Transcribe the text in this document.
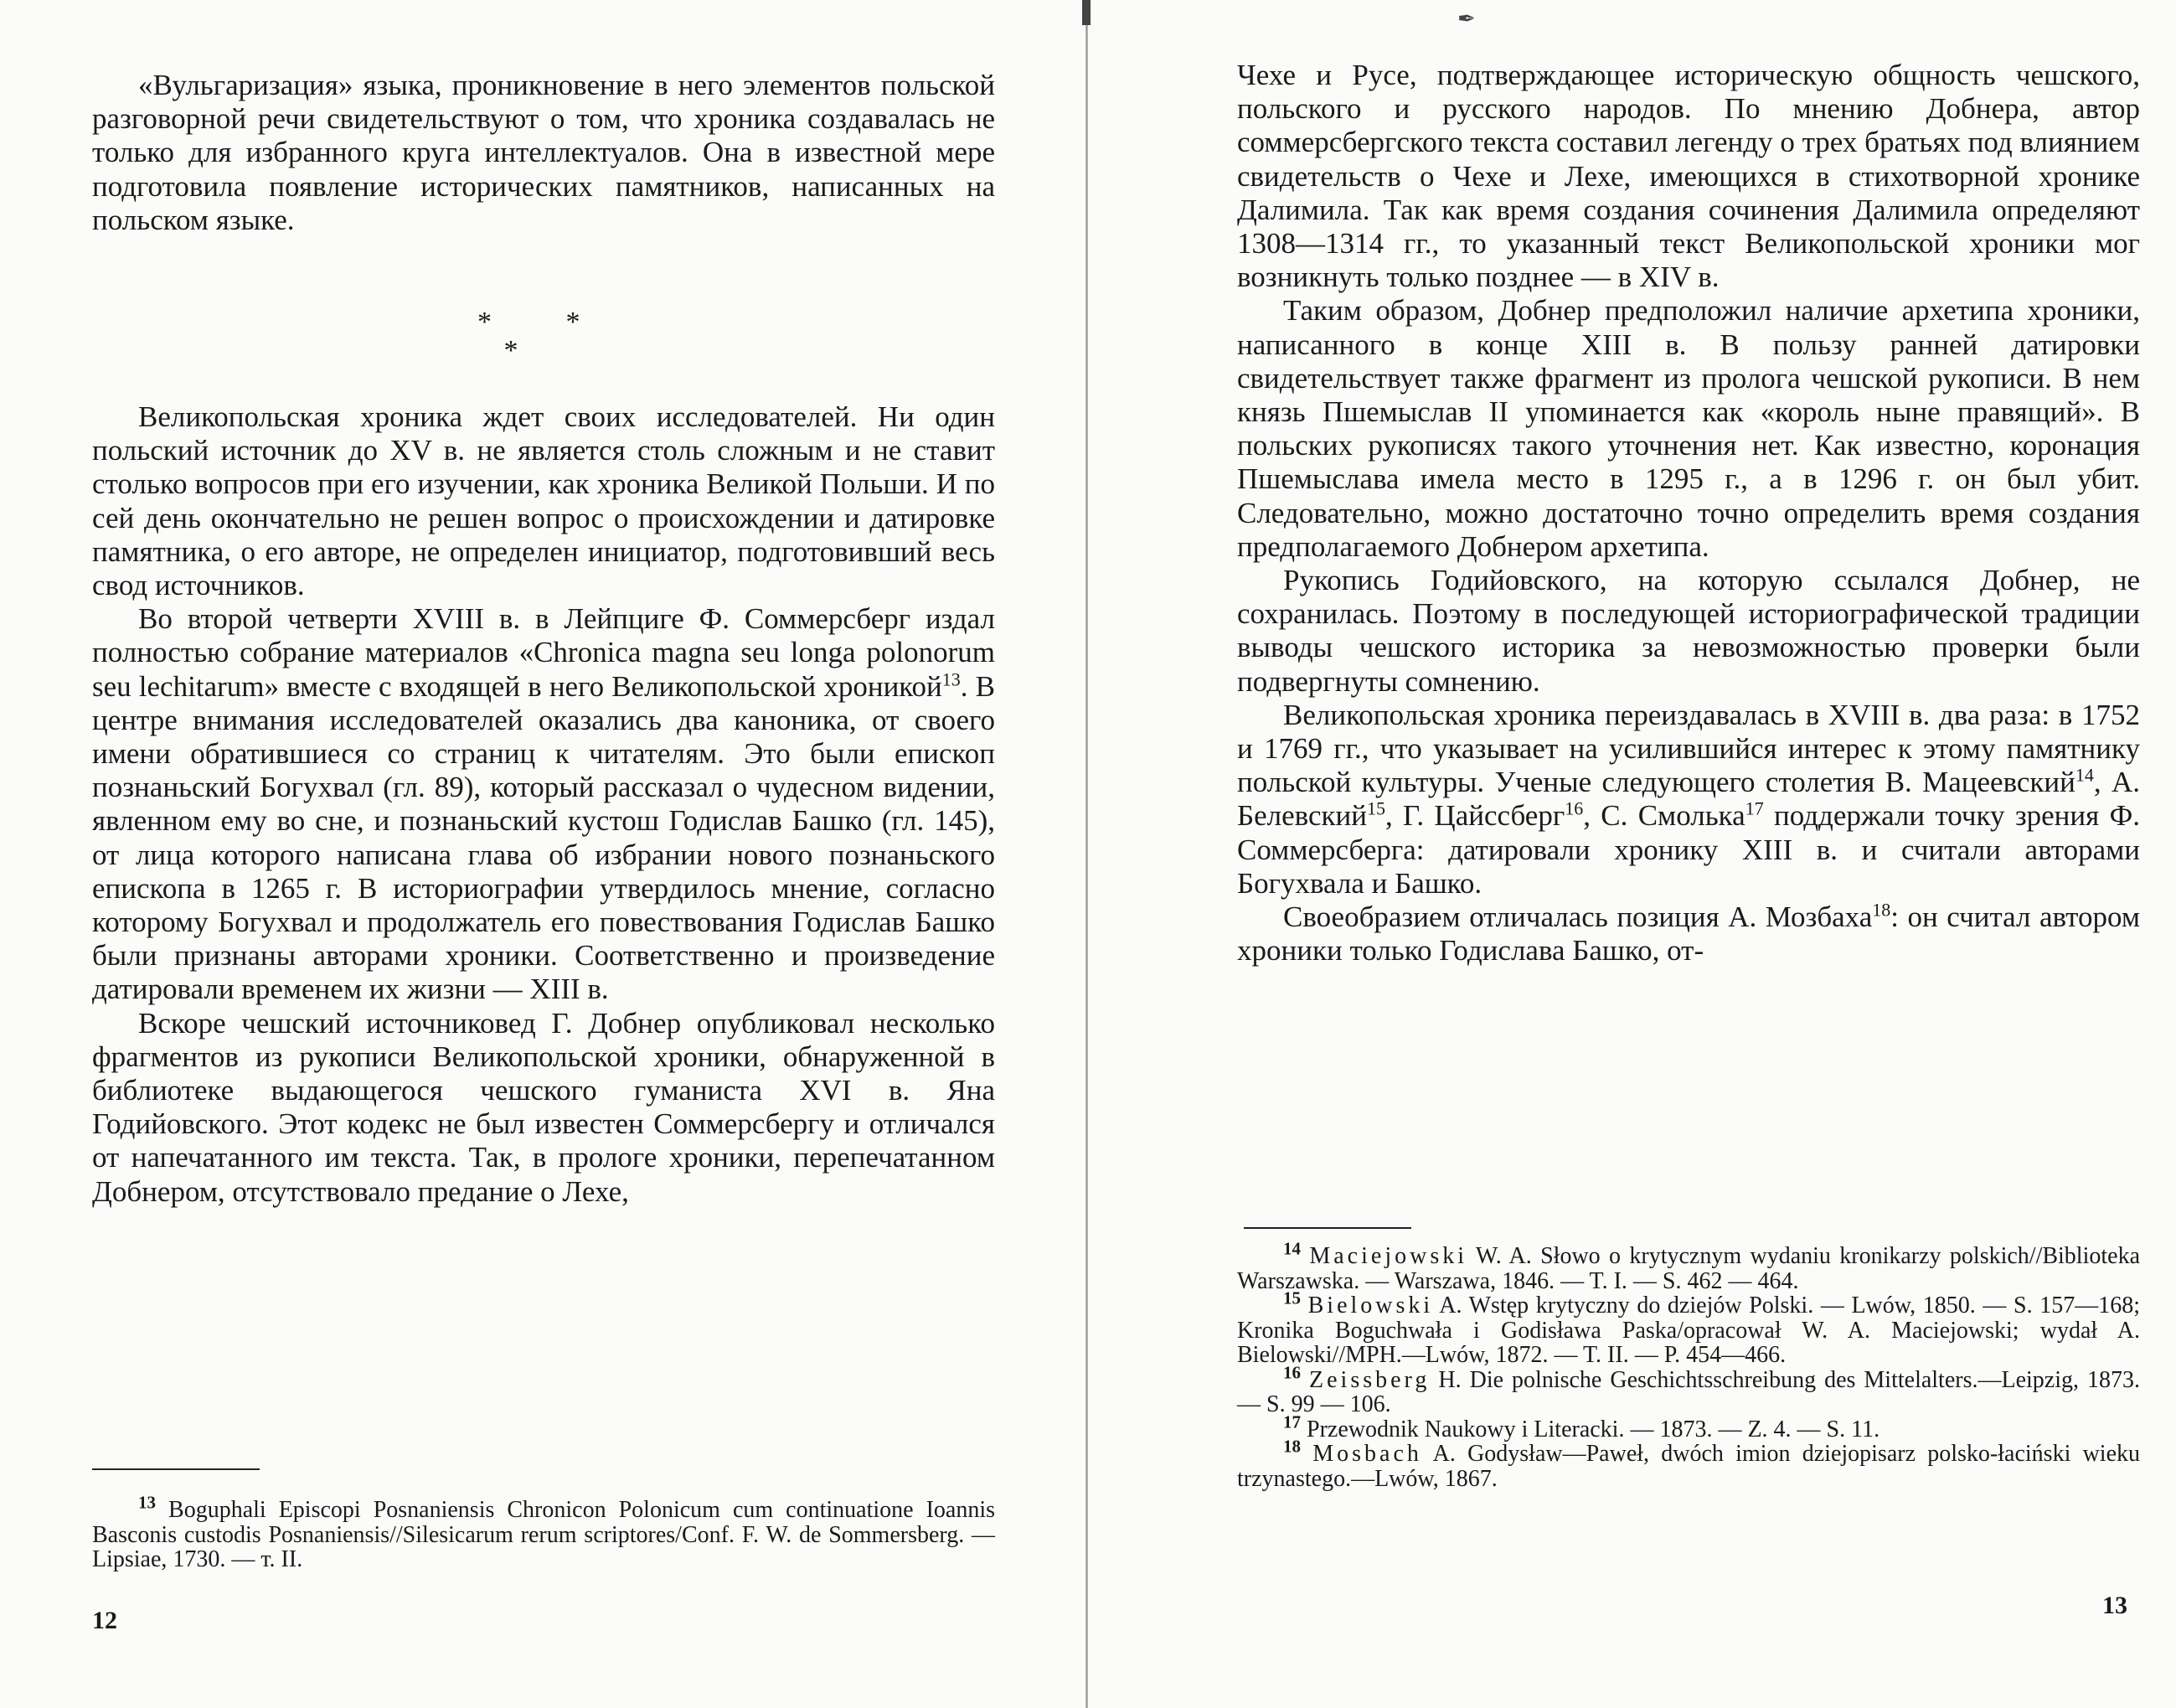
«Вульгаризация» языка, проникновение в него элементов польской разговорной речи свидетельствуют о том, что хроника создавалась не только для избранного круга интеллектуалов. Она в известной мере подготовила появление исторических памятников, написанных на польском языке.

* *
*

Великопольская хроника ждет своих исследователей. Ни один польский источник до XV в. не является столь сложным и не ставит столько вопросов при его изучении, как хроника Великой Польши. И по сей день окончательно не решен вопрос о происхождении и датировке памятника, о его авторе, не определен инициатор, подготовивший весь свод источников.

Во второй четверти XVIII в. в Лейпциге Ф. Соммерсберг издал полностью собрание материалов «Chronica magna seu longa polonorum seu lechitarum» вместе с входящей в него Великопольской хроникой$^{13}$. В центре внимания исследователей оказались два каноника, от своего имени обратившиеся со страниц к читателям. Это были епископ познаньский Богухвал (гл. 89), который рассказал о чудесном видении, явленном ему во сне, и познаньский кустош Годислав Башко (гл. 145), от лица которого написана глава об избрании нового познаньского епископа в 1265 г. В историографии утвердилось мнение, согласно которому Богухвал и продолжатель его повествования Годислав Башко были признаны авторами хроники. Соответственно и произведение датировали временем их жизни — XIII в.

Вскоре чешский источниковед Г. Добнер опубликовал несколько фрагментов из рукописи Великопольской хроники, обнаруженной в библиотеке выдающегося чешского гуманиста XVI в. Яна Годийовского. Этот кодекс не был известен Соммерсбергу и отличался от напечатанного им текста. Так, в прологе хроники, перепечатанном Добнером, отсутствовало предание о Лехе,

$^{13}$ Boguphali Episcopi Posnaniensis Chronicon Polonicum cum continuatione Ioannis Basconis custodis Posnaniensis//Silesicarum rerum scriptores/Conf. F. W. de Sommersberg. — Lipsiae, 1730. — т. II.

12
✒

Чехе и Русе, подтверждающее историческую общность чешского, польского и русского народов. По мнению Добнера, автор соммерсбергского текста составил легенду о трех братьях под влиянием свидетельств о Чехе и Лехе, имеющихся в стихотворной хронике Далимила. Так как время создания сочинения Далимила определяют 1308—1314 гг., то указанный текст Великопольской хроники мог возникнуть только позднее — в XIV в.

Таким образом, Добнер предположил наличие архетипа хроники, написанного в конце XIII в. В пользу ранней датировки свидетельствует также фрагмент из пролога чешской рукописи. В нем князь Пшемыслав II упоминается как «король ныне правящий». В польских рукописях такого уточнения нет. Как известно, коронация Пшемыслава имела место в 1295 г., а в 1296 г. он был убит. Следовательно, можно достаточно точно определить время создания предполагаемого Добнером архетипа.

Рукопись Годийовского, на которую ссылался Добнер, не сохранилась. Поэтому в последующей историографической традиции выводы чешского историка за невозможностью проверки были подвергнуты сомнению.

Великопольская хроника переиздавалась в XVIII в. два раза: в 1752 и 1769 гг., что указывает на усилившийся интерес к этому памятнику польской культуры. Ученые следующего столетия В. Мацеевский$^{14}$, А. Белевский$^{15}$, Г. Цайссберг$^{16}$, С. Смолька$^{17}$ поддержали точку зрения Ф. Соммерсберга: датировали хронику XIII в. и считали авторами Богухвала и Башко.

Своеобразием отличалась позиция А. Мозбаха$^{18}$: он считал автором хроники только Годислава Башко, от-

$^{14}$ Maciejowski W. A. Słowo o krytycznym wydaniu kronikarzy polskich//Biblioteka Warszawska. — Warszawa, 1846. — T. I. — S. 462 — 464.

$^{15}$ Bielowski A. Wstęp krytyczny do dziejów Polski. — Lwów, 1850. — S. 157—168; Kronika Boguchwała i Godisława Paska/opracował W. A. Maciejowski; wydał A. Bielowski//MPH.—Lwów, 1872. — T. II. — P. 454—466.

$^{16}$ Zeissberg H. Die polnische Geschichtsschreibung des Mittelalters.—Leipzig, 1873. — S. 99 — 106.

$^{17}$ Przewodnik Naukowy i Literacki. — 1873. — Z. 4. — S. 11.

$^{18}$ Mosbach A. Godysław—Paweł, dwóch imion dziejopisarz polsko-łaciński wieku trzynastego.—Lwów, 1867.

13
